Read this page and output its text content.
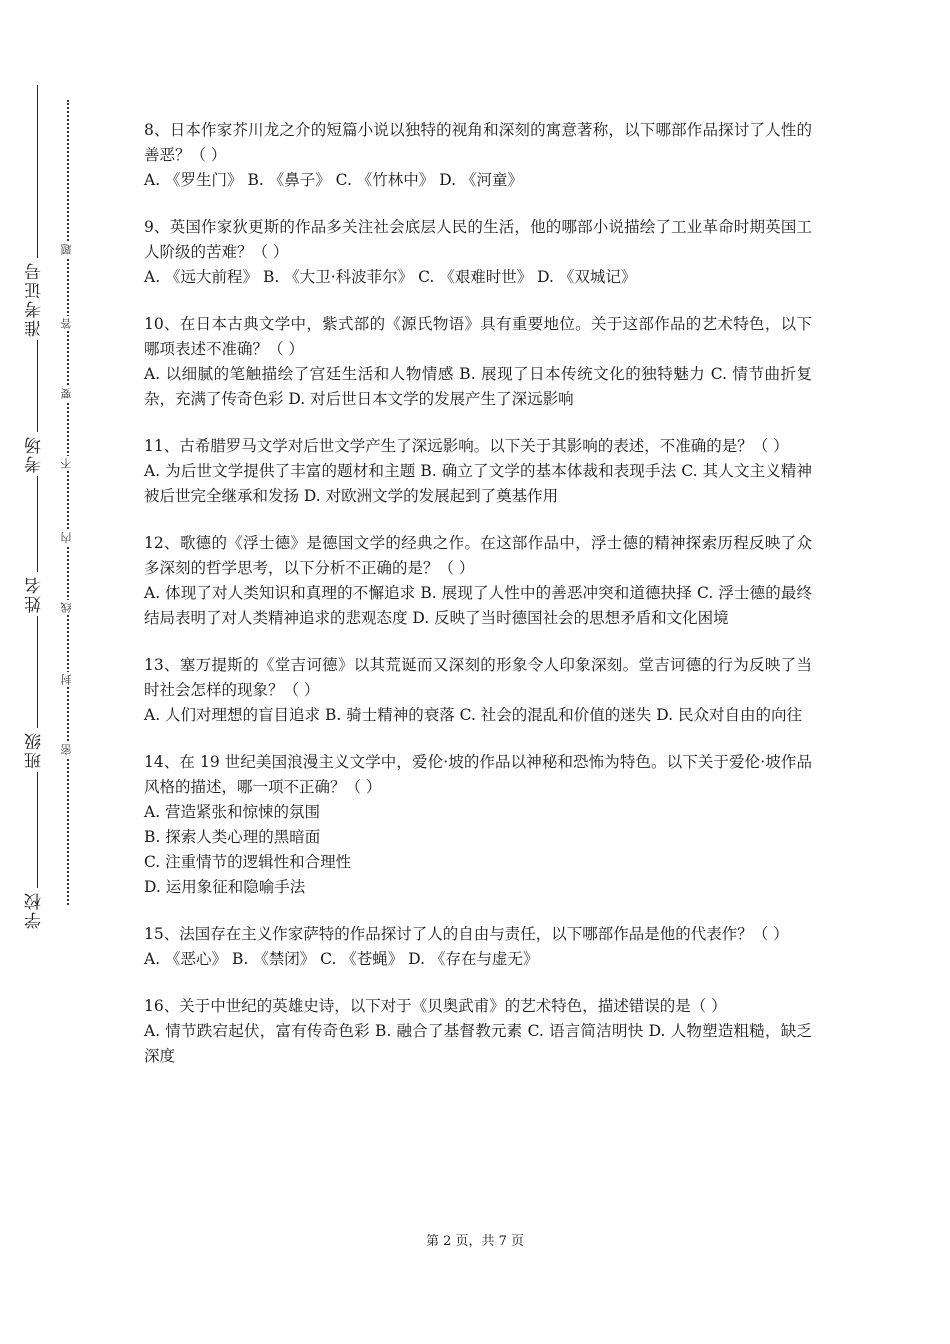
准考证号
考场
姓名
班级
学校
题
答
要
不
内
线
封
密

8、日本作家芥川龙之介的短篇小说以独特的视角和深刻的寓意著称，以下哪部作品探讨了人性的善恶？（ ）

A. 《罗生门》 B. 《鼻子》 C. 《竹林中》 D. 《河童》

9、英国作家狄更斯的作品多关注社会底层人民的生活，他的哪部小说描绘了工业革命时期英国工人阶级的苦难？（ ）

A. 《远大前程》 B. 《大卫·科波菲尔》 C. 《艰难时世》 D. 《双城记》

10、在日本古典文学中，紫式部的《源氏物语》具有重要地位。关于这部作品的艺术特色，以下哪项表述不准确？（ ）

A. 以细腻的笔触描绘了宫廷生活和人物情感 B. 展现了日本传统文化的独特魅力 C. 情节曲折复杂，充满了传奇色彩 D. 对后世日本文学的发展产生了深远影响

11、古希腊罗马文学对后世文学产生了深远影响。以下关于其影响的表述，不准确的是？（ ）

A. 为后世文学提供了丰富的题材和主题 B. 确立了文学的基本体裁和表现手法 C. 其人文主义精神被后世完全继承和发扬 D. 对欧洲文学的发展起到了奠基作用

12、歌德的《浮士德》是德国文学的经典之作。在这部作品中，浮士德的精神探索历程反映了众多深刻的哲学思考，以下分析不正确的是？（ ）

A. 体现了对人类知识和真理的不懈追求 B. 展现了人性中的善恶冲突和道德抉择 C. 浮士德的最终结局表明了对人类精神追求的悲观态度 D. 反映了当时德国社会的思想矛盾和文化困境

13、塞万提斯的《堂吉诃德》以其荒诞而又深刻的形象令人印象深刻。堂吉诃德的行为反映了当时社会怎样的现象？（ ）

A. 人们对理想的盲目追求 B. 骑士精神的衰落 C. 社会的混乱和价值的迷失 D. 民众对自由的向往

14、在 19 世纪美国浪漫主义文学中，爱伦·坡的作品以神秘和恐怖为特色。以下关于爱伦·坡作品风格的描述，哪一项不正确？（ ）

A. 营造紧张和惊悚的氛围

B. 探索人类心理的黑暗面

C. 注重情节的逻辑性和合理性

D. 运用象征和隐喻手法

15、法国存在主义作家萨特的作品探讨了人的自由与责任，以下哪部作品是他的代表作？（ ）

A. 《恶心》 B. 《禁闭》 C. 《苍蝇》 D. 《存在与虚无》

16、关于中世纪的英雄史诗，以下对于《贝奥武甫》的艺术特色，描述错误的是（ ）

A. 情节跌宕起伏，富有传奇色彩 B. 融合了基督教元素 C. 语言简洁明快 D. 人物塑造粗糙，缺乏深度

第 2 页，共 7 页
